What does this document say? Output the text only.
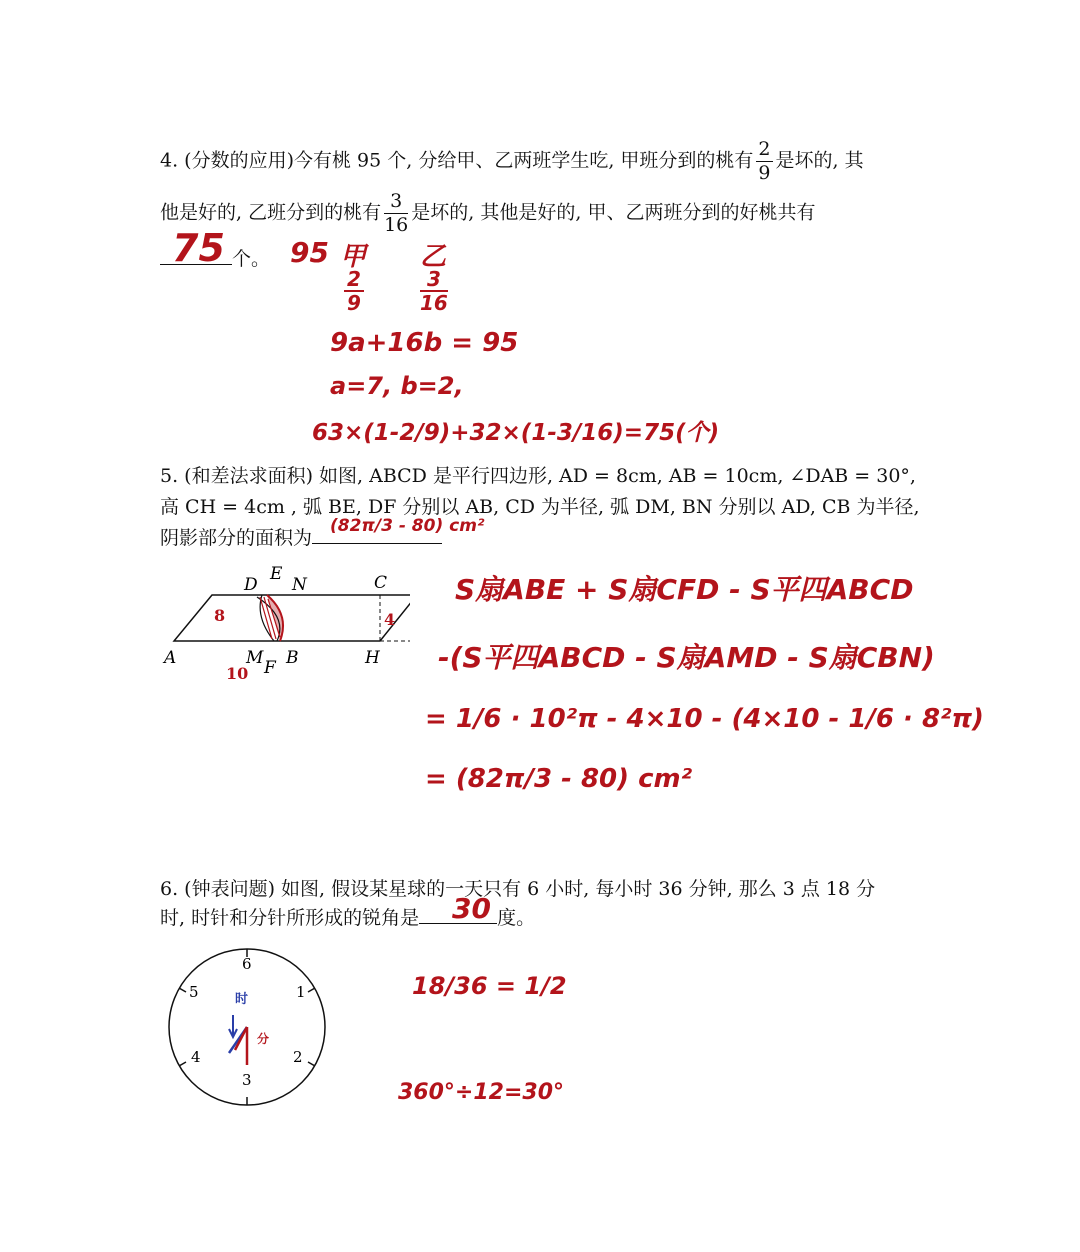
4. (分数的应用)今有桃 95 个, 分给甲、乙两班学生吃, 甲班分到的桃有 $\frac{2}{9}$ 是坏的, 其
他是好的, 乙班分到的桃有 $\frac{3}{16}$ 是坏的, 其他是好的, 甲、乙两班分到的好桃共有
个。
75 95 甲 乙
2
9
3
16
9a+16b = 95
a=7, b=2,
63×(1-2/9)+32×(1-3/16)=75(个)
5. (和差法求面积) 如图, ABCD 是平行四边形, AD = 8cm, AB = 10cm, ∠DAB = 30°,
高 CH = 4cm , 弧 BE, DF 分别以 AB, CD 为半径, 弧 DM, BN 分别以 AD, CB 为半径,
阴影部分的面积为
(82π/3 - 80) cm²
A	M F B	H
D
E
N	C
8
10
4
S扇ABE + S扇CFD - S平四ABCD
-(S平四ABCD - S扇AMD - S扇CBN)
= 1/6 · 10²π - 4×10 - (4×10 - 1/6 · 8²π)
= (82π/3 - 80) cm²
6. (钟表问题) 如图, 假设某星球的一天只有 6 小时, 每小时 36 分钟, 那么 3 点 18 分
时, 时针和分针所形成的锐角是	度。
30
6
1
2
3
4
5	时
分
18/36 = 1/2
360°÷12=30°
